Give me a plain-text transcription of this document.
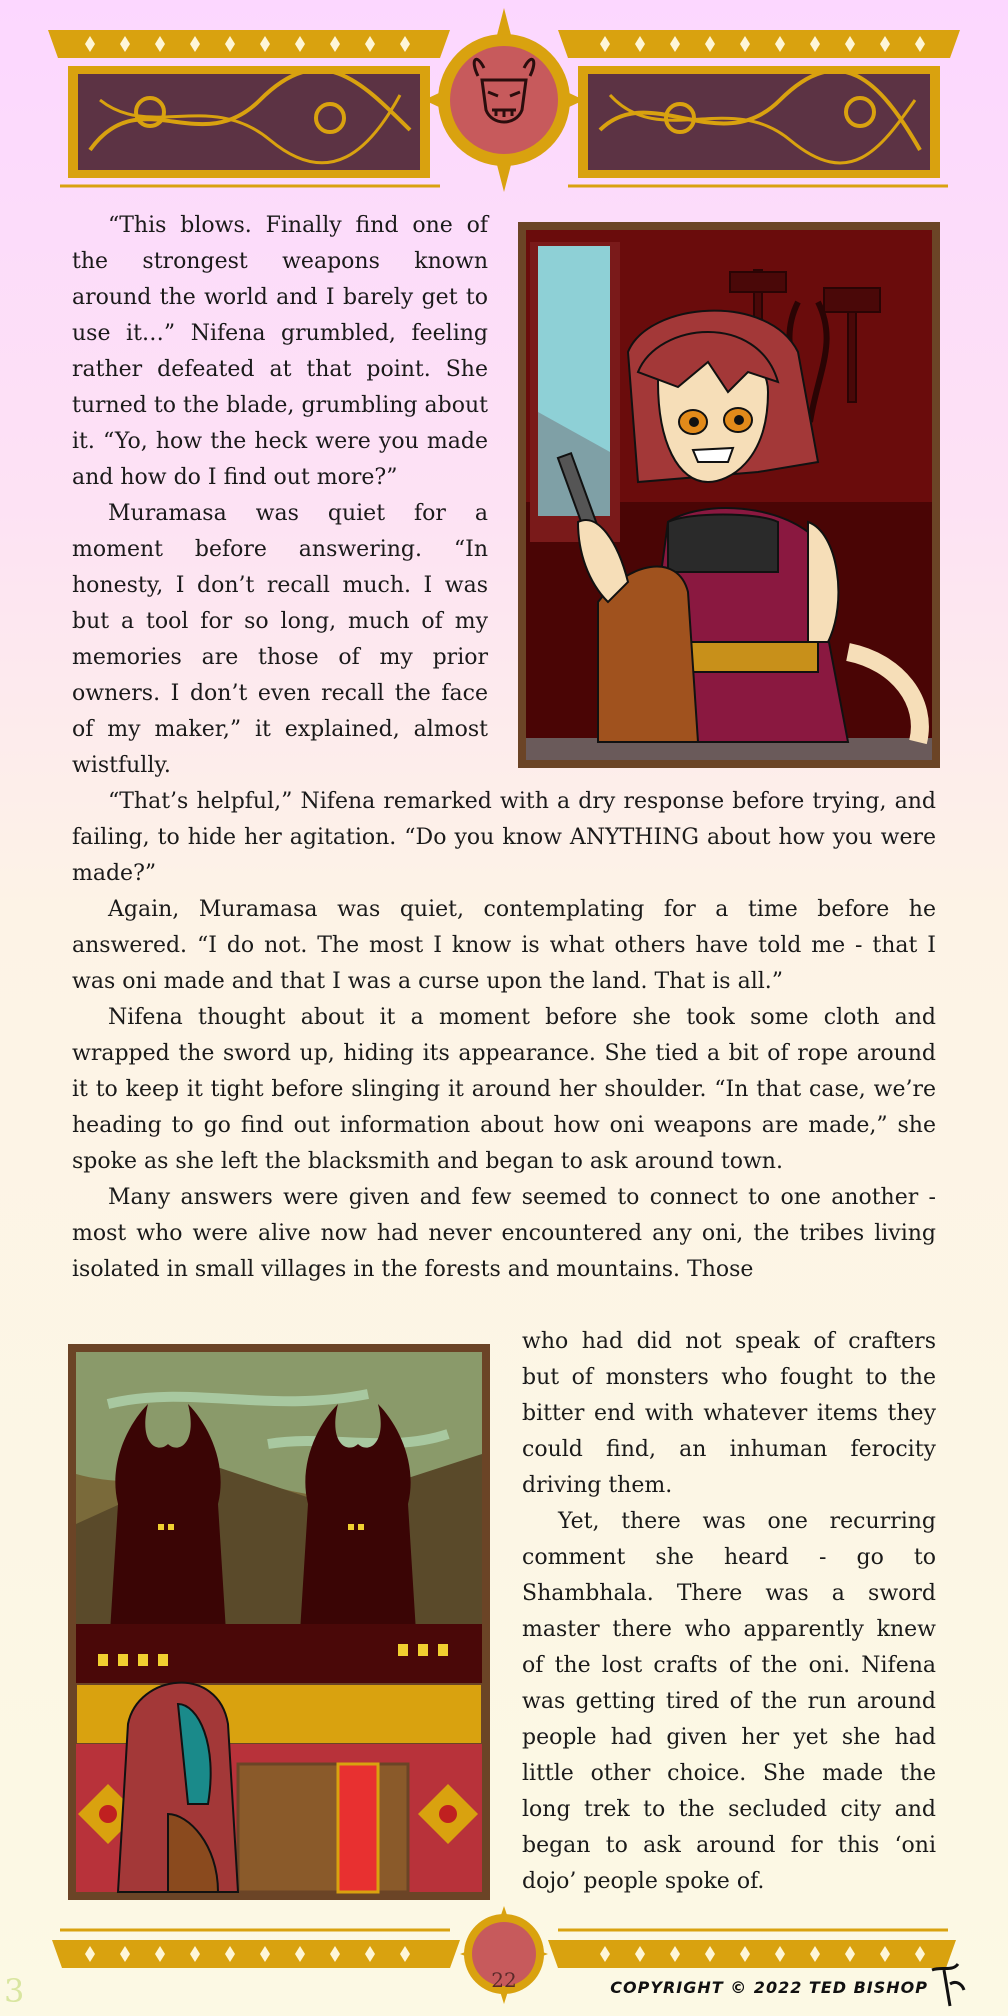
“This blows. Finally find one of the strongest weapons known around the world and I barely get to use it…” Nifena grumbled, feeling rather defeated at that point. She turned to the blade, grumbling about it. “Yo, how the heck were you made and how do I find out more?”

Muramasa was quiet for a moment before answering. “In honesty, I don’t recall much. I was but a tool for so long, much of my memories are those of my prior owners. I don’t even recall the face of my maker,” it explained, almost wistfully.

“That’s helpful,” Nifena remarked with a dry response before trying, and failing, to hide her agitation. “Do you know ANYTHING about how you were made?”

Again, Muramasa was quiet, contemplating for a time before he answered. “I do not. The most I know is what others have told me - that I was oni made and that I was a curse upon the land. That is all.”

Nifena thought about it a moment before she took some cloth and wrapped the sword up, hiding its appearance. She tied a bit of rope around it to keep it tight before slinging it around her shoulder. “In that case, we’re heading to go find out information about how oni weapons are made,” she spoke as she left the blacksmith and began to ask around town.

Many answers were given and few seemed to connect to one another - most who were alive now had never encountered any oni, the tribes living isolated in small villages in the forests and mountains. Those

who had did not speak of crafters but of monsters who fought to the bitter end with whatever items they could find, an inhuman ferocity driving them.

Yet, there was one recurring comment she heard - go to Shambhala. There was a sword master there who apparently knew of the lost crafts of the oni. Nifena was getting tired of the run around people had given her yet she had little other choice. She made the long trek to the secluded city and began to ask around for this ‘oni dojo’ people spoke of.

22	COPYRIGHT © 2022 TED BISHOP
3
